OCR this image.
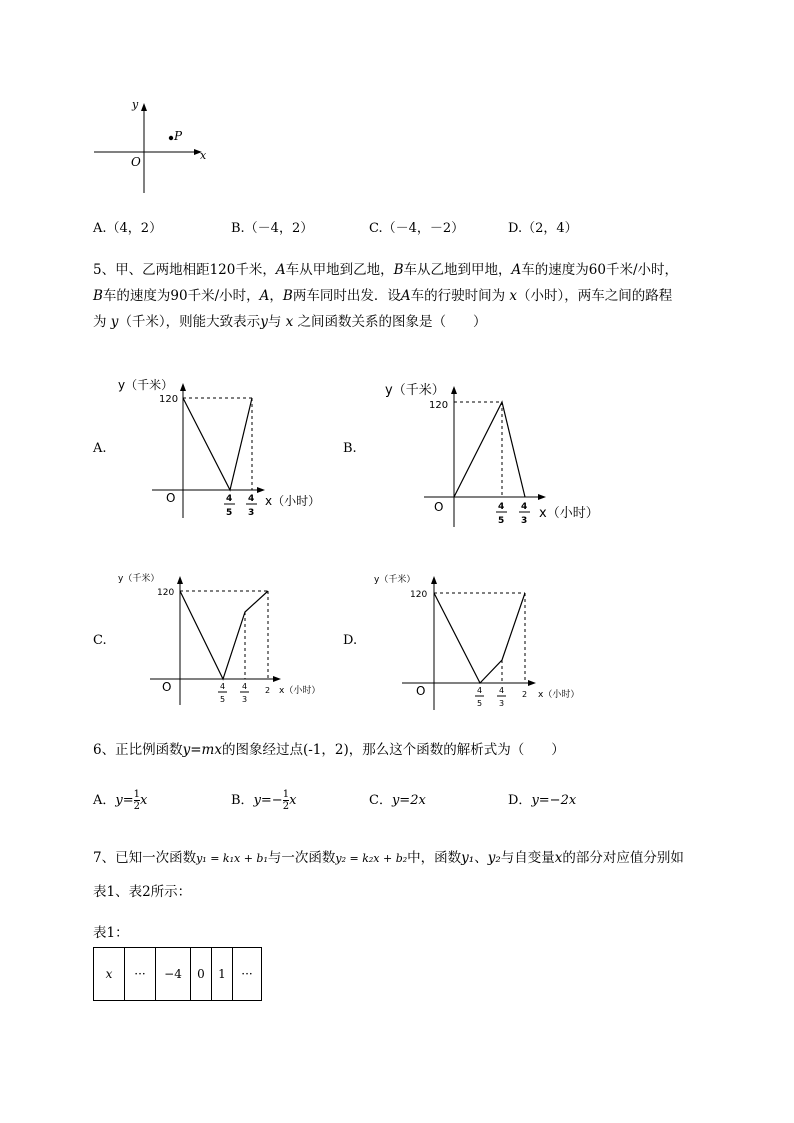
y
x
O
P
A.（4，2）	B.（－4，2）	C.（－4，－2）	D.（2，4）
5、甲、乙两地相距120千米，A车从甲地到乙地，B车从乙地到甲地，A车的速度为60千米/小时，
B车的速度为90千米/小时，A，B两车同时出发．设A车的行驶时间为 x（小时），两车之间的路程
为 y（千米），则能大致表示y与 x 之间函数关系的图象是（　　）
A.
y（千米）
120
O	x（小时）
4
5
4
3
B.
y（千米）
120
O	x（小时）
4
5
4
3
C.
y（千米）
120
O	x（小时）
4
5
4
3
2
D.
y（千米）
120
O	x（小时）
4
5
4
3
2
6、正比例函数y=mx的图象经过点(-1，2)，那么这个函数的解析式为（　　）
A．$y= \frac{1}{2}$ x	B．$y=- \frac{1}{2}$ x	C．y=2x	D．y=−2x
7、已知一次函数y₁ = k₁x + b₁与一次函数y₂ = k₂x + b₂中，函数y₁、y₂与自变量x的部分对应值分别如
表1、表2所示：
表1：
x	···	−4	0	1	···
